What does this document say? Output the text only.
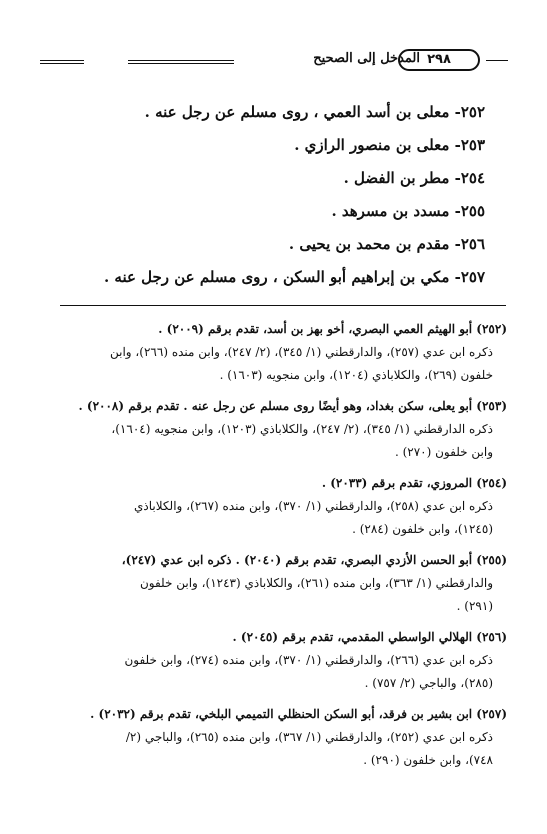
المدخل إلى الصحيح ٢٩٨
٢٥٢- معلى بن أسد العمي ، روى مسلم عن رجل عنه .
٢٥٣- معلى بن منصور الرازي .
٢٥٤- مطر بن الفضل .
٢٥٥- مسدد بن مسرهد .
٢٥٦- مقدم بن محمد بن يحيى .
٢٥٧- مكي بن إبراهيم أبو السكن ، روى مسلم عن رجل عنه .
(٢٥٢) أبو الهيثم العمي البصري، أخو بهز بن أسد، تقدم برقم (٢٠٠٩) .
ذكره ابن عدي (٢٥٧)، والدارقطني (١/ ٣٤٥)، (٢/ ٢٤٧)، وابن منده (٢٦٦)، وابن
خلفون (٢٦٩)، والكلاباذي (١٢٠٤)، وابن منجويه (١٦٠٣) .
(٢٥٣) أبو يعلى، سكن بغداد، وهو أيضًا روى مسلم عن رجل عنه . تقدم برقم (٢٠٠٨) .
ذكره الدارقطني (١/ ٣٤٥)، (٢/ ٢٤٧)، والكلاباذي (١٢٠٣)، وابن منجويه (١٦٠٤)،
وابن خلفون (٢٧٠) .
(٢٥٤) المروزي، تقدم برقم (٢٠٣٣) .
ذكره ابن عدي (٢٥٨)، والدارقطني (١/ ٣٧٠)، وابن منده (٢٦٧)، والكلاباذي
(١٢٤٥)، وابن خلفون (٢٨٤) .
(٢٥٥) أبو الحسن الأزدي البصري، تقدم برقم (٢٠٤٠) . ذكره ابن عدي (٢٤٧)،
والدارقطني (١/ ٣٦٣)، وابن منده (٢٦١)، والكلاباذي (١٢٤٣)، وابن خلفون
(٢٩١) .
(٢٥٦) الهلالي الواسطي المقدمي، تقدم برقم (٢٠٤٥) .
ذكره ابن عدي (٢٦٦)، والدارقطني (١/ ٣٧٠)، وابن منده (٢٧٤)، وابن خلفون
(٢٨٥)، والباجي (٢/ ٧٥٧) .
(٢٥٧) ابن بشير بن فرقد، أبو السكن الحنظلي التميمي البلخي، تقدم برقم (٢٠٣٢) .
ذكره ابن عدي (٢٥٢)، والدارقطني (١/ ٣٦٧)، وابن منده (٢٦٥)، والباجي (٢/
٧٤٨)، وابن خلفون (٢٩٠) .
